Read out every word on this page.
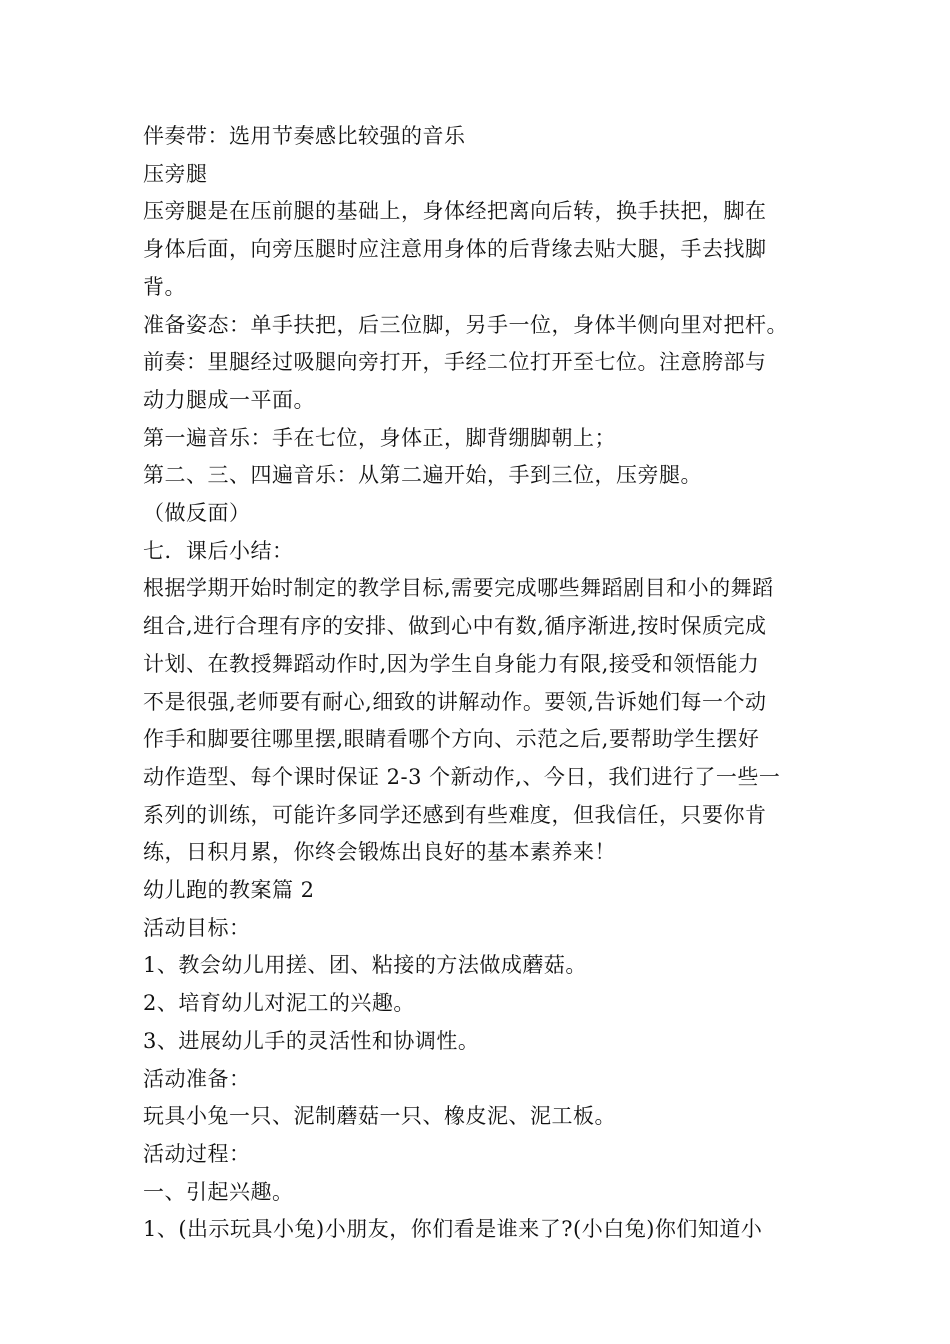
伴奏带：选用节奏感比较强的音乐

压旁腿

压旁腿是在压前腿的基础上，身体经把离向后转，换手扶把，脚在

身体后面，向旁压腿时应注意用身体的后背缘去贴大腿，手去找脚

背。

准备姿态：单手扶把，后三位脚，另手一位，身体半侧向里对把杆。

前奏：里腿经过吸腿向旁打开，手经二位打开至七位。注意胯部与

动力腿成一平面。

第一遍音乐：手在七位，身体正，脚背绷脚朝上；

第二、三、四遍音乐：从第二遍开始，手到三位，压旁腿。

（做反面）

七．课后小结：

根据学期开始时制定的教学目标,需要完成哪些舞蹈剧目和小的舞蹈

组合,进行合理有序的安排、做到心中有数,循序渐进,按时保质完成

计划、在教授舞蹈动作时,因为学生自身能力有限,接受和领悟能力

不是很强,老师要有耐心,细致的讲解动作。要领,告诉她们每一个动

作手和脚要往哪里摆,眼睛看哪个方向、示范之后,要帮助学生摆好

动作造型、每个课时保证 2-3 个新动作,、今日，我们进行了一些一

系列的训练，可能许多同学还感到有些难度，但我信任，只要你肯

练，日积月累，你终会锻炼出良好的基本素养来！

幼儿跑的教案篇 2

活动目标：

1、教会幼儿用搓、团、粘接的方法做成蘑菇。

2、培育幼儿对泥工的兴趣。

3、进展幼儿手的灵活性和协调性。

活动准备：

玩具小兔一只、泥制蘑菇一只、橡皮泥、泥工板。

活动过程：

一、引起兴趣。

1、(出示玩具小兔)小朋友，你们看是谁来了?(小白兔)你们知道小
